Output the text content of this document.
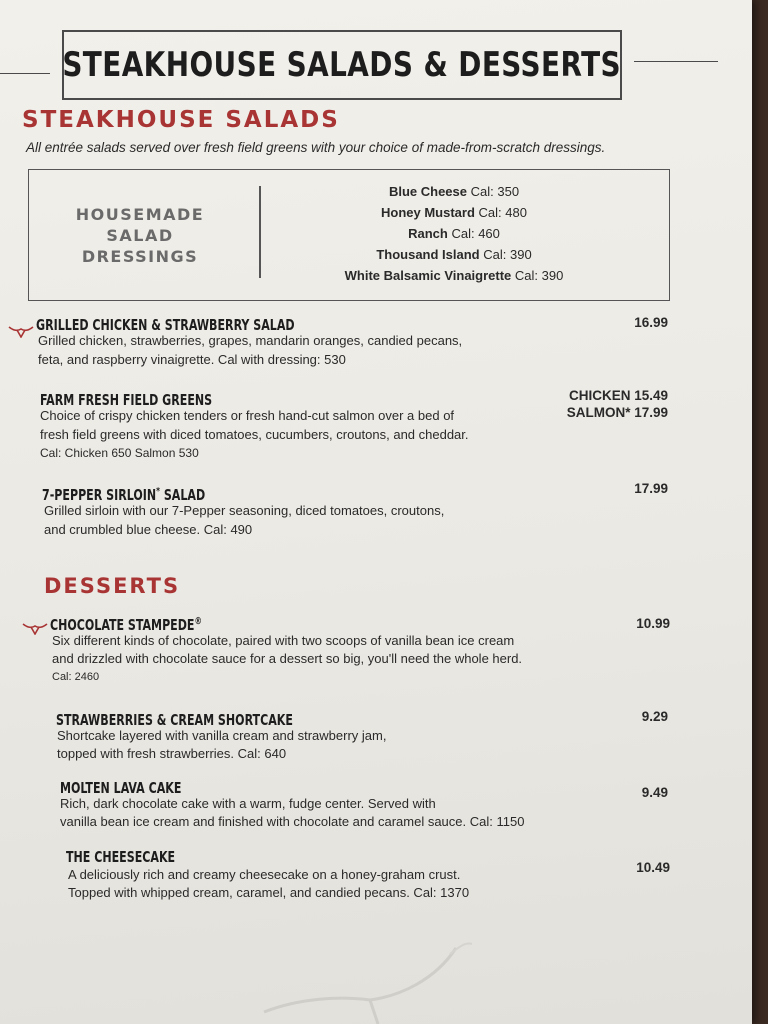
STEAKHOUSE SALADS & DESSERTS
STEAKHOUSE SALADS
All entrée salads served over fresh field greens with your choice of made-from-scratch dressings.
HOUSEMADE
SALAD
DRESSINGS
Blue Cheese Cal: 350
Honey Mustard Cal: 480
Ranch Cal: 460
Thousand Island Cal: 390
White Balsamic Vinaigrette Cal: 390
GRILLED CHICKEN & STRAWBERRY SALAD
Grilled chicken, strawberries, grapes, mandarin oranges, candied pecans,
feta, and raspberry vinaigrette. Cal with dressing: 530
16.99
FARM FRESH FIELD GREENS
Choice of crispy chicken tenders or fresh hand-cut salmon over a bed of
fresh field greens with diced tomatoes, cucumbers, croutons, and cheddar.
Cal: Chicken 650 Salmon 530
CHICKEN 15.49
SALMON* 17.99
7-PEPPER SIRLOIN* SALAD
Grilled sirloin with our 7-Pepper seasoning, diced tomatoes, croutons,
and crumbled blue cheese. Cal: 490
17.99
DESSERTS
CHOCOLATE STAMPEDE®
Six different kinds of chocolate, paired with two scoops of vanilla bean ice cream
and drizzled with chocolate sauce for a dessert so big, you'll need the whole herd.
Cal: 2460
10.99
STRAWBERRIES & CREAM SHORTCAKE
Shortcake layered with vanilla cream and strawberry jam,
topped with fresh strawberries. Cal: 640
9.29
MOLTEN LAVA CAKE
Rich, dark chocolate cake with a warm, fudge center. Served with
vanilla bean ice cream and finished with chocolate and caramel sauce. Cal: 1150
9.49
THE CHEESECAKE
A deliciously rich and creamy cheesecake on a honey-graham crust.
Topped with whipped cream, caramel, and candied pecans. Cal: 1370
10.49
